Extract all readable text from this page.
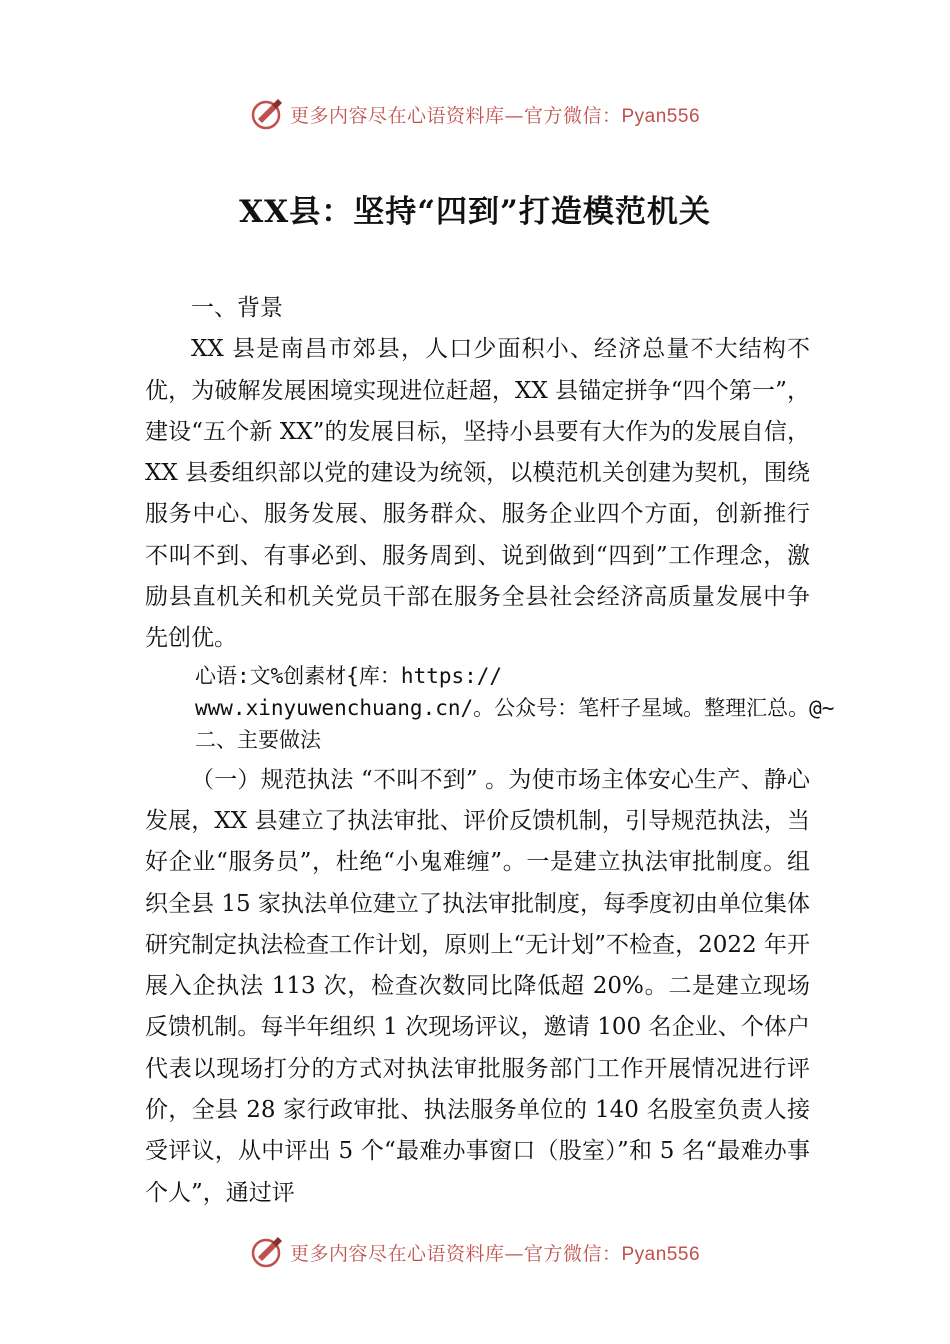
更多内容尽在心语资料库—官方微信：Pyan556
XX县：坚持“四到”打造模范机关

一、背景

XX 县是南昌市郊县，人口少面积小、经济总量不大结构不优，为破解发展困境实现进位赶超，XX 县锚定拼争“四个第一”，建设“五个新 XX”的发展目标，坚持小县要有大作为的发展自信，XX 县委组织部以党的建设为统领，以模范机关创建为契机，围绕服务中心、服务发展、服务群众、服务企业四个方面，创新推行不叫不到、有事必到、服务周到、说到做到“四到”工作理念，激励县直机关和机关党员干部在服务全县社会经济高质量发展中争先创优。

心语:文%创素材{库：https://

www.xinyuwenchuang.cn/。公众号：笔杆子星域。整理汇总。@~二、主要做法

（一）规范执法 “不叫不到” 。为使市场主体安心生产、静心发展，XX 县建立了执法审批、评价反馈机制，引导规范执法，当好企业“服务员”，杜绝“小鬼难缠”。一是建立执法审批制度。组织全县 15 家执法单位建立了执法审批制度，每季度初由单位集体研究制定执法检查工作计划，原则上“无计划”不检查，2022 年开展入企执法 113 次，检查次数同比降低超 20%。二是建立现场反馈机制。每半年组织 1 次现场评议，邀请 100 名企业、个体户代表以现场打分的方式对执法审批服务部门工作开展情况进行评价，全县 28 家行政审批、执法服务单位的 140 名股室负责人接受评议，从中评出 5 个“最难办事窗口（股室）”和 5 名“最难办事个人”，通过评

更多内容尽在心语资料库—官方微信：Pyan556
